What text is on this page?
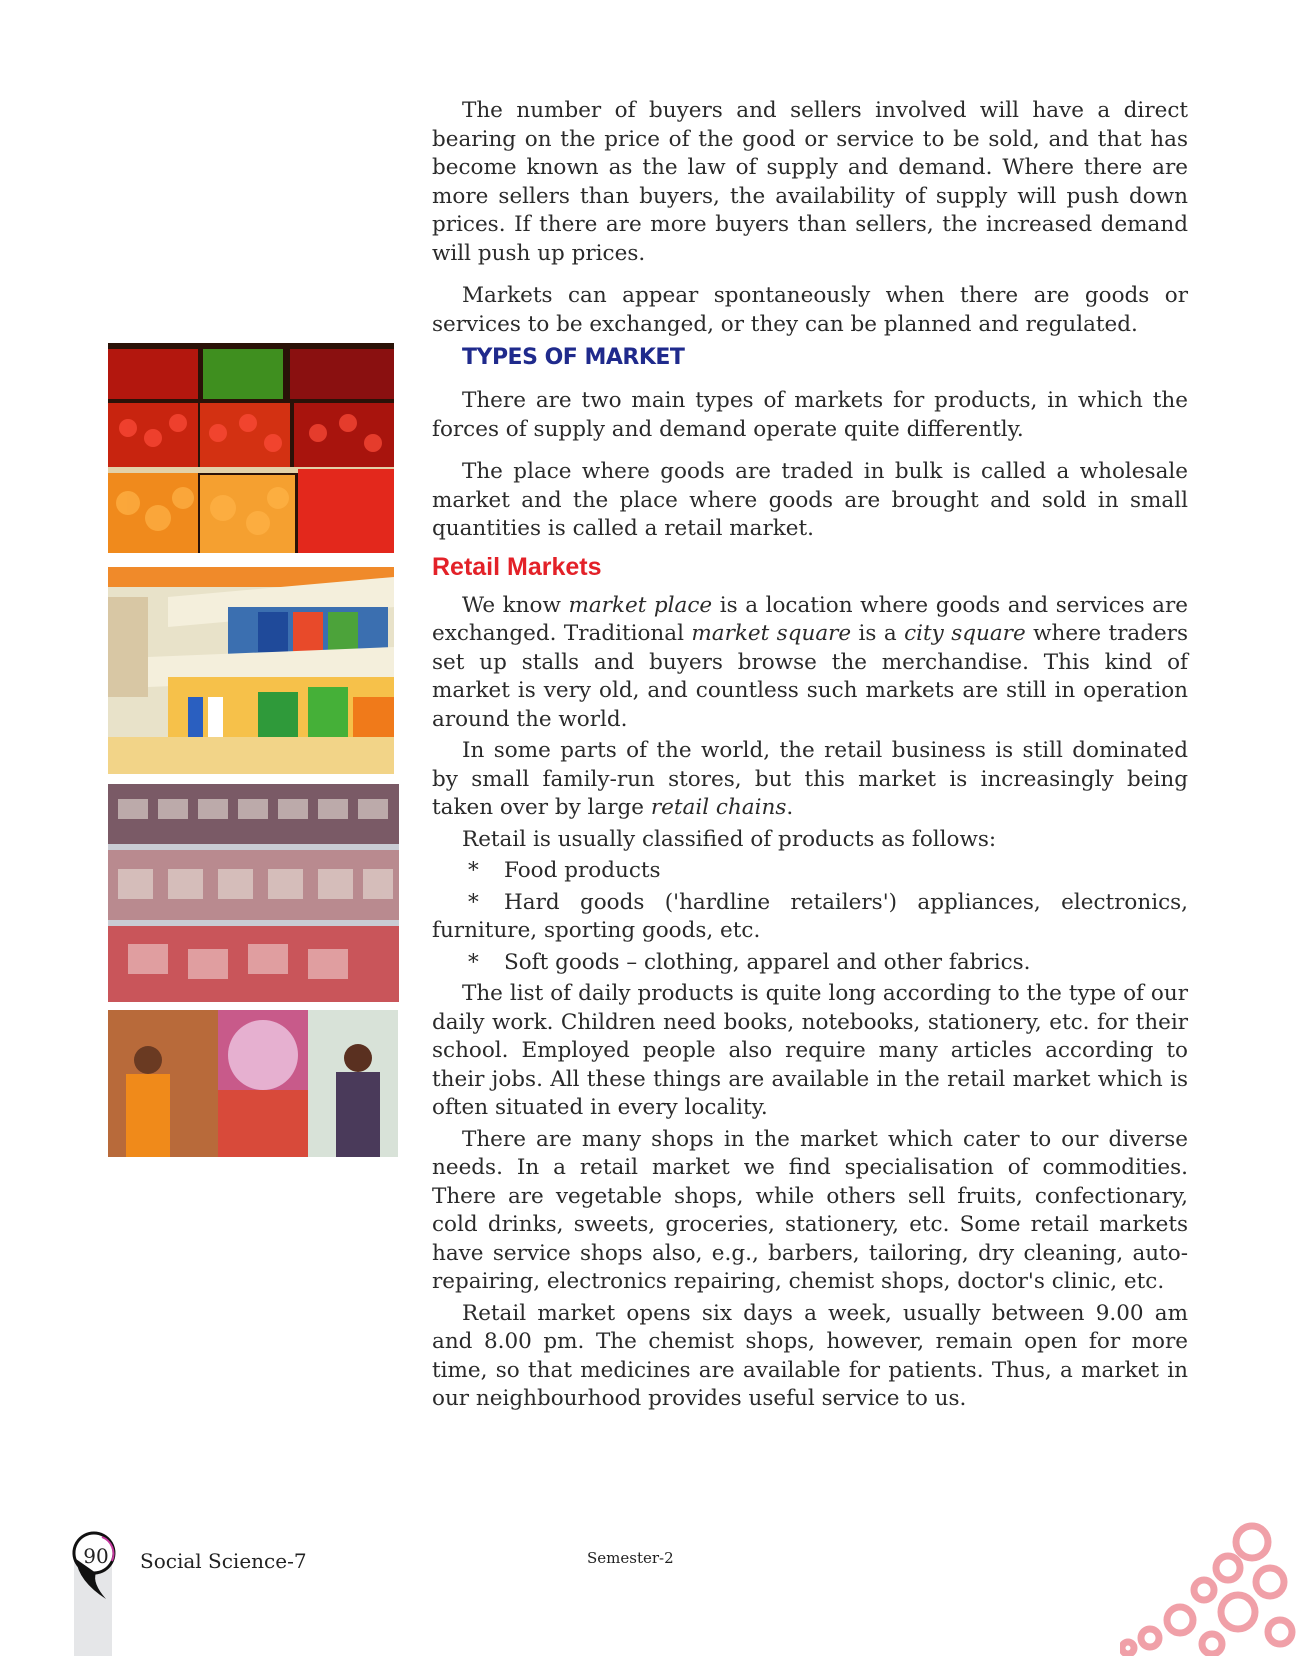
The number of buyers and sellers involved will have a direct bearing on the price of the good or service to be sold, and that has become known as the law of supply and demand. Where there are more sellers than buyers, the availability of supply will push down prices. If there are more buyers than sellers, the increased demand will push up prices.

Markets can appear spontaneously when there are goods or services to be exchanged, or they can be planned and regulated.

TYPES OF MARKET

There are two main types of markets for products, in which the forces of supply and demand operate quite differently.

The place where goods are traded in bulk is called a wholesale market and the place where goods are brought and sold in small quantities is called a retail market.

Retail Markets

We know market place is a location where goods and services are exchanged. Traditional market square is a city square where traders set up stalls and buyers browse the merchandise. This kind of market is very old, and countless such markets are still in operation around the world.

In some parts of the world, the retail business is still dominated by small family-run stores, but this market is increasingly being taken over by large retail chains.

Retail is usually classified of products as follows:

* Food products

* Hard goods ('hardline retailers') appliances, electronics, furniture, sporting goods, etc.

* Soft goods – clothing, apparel and other fabrics.

The list of daily products is quite long according to the type of our daily work. Children need books, notebooks, stationery, etc. for their school. Employed people also require many articles according to their jobs. All these things are available in the retail market which is often situated in every locality.

There are many shops in the market which cater to our diverse needs. In a retail market we find specialisation of commodities. There are vegetable shops, while others sell fruits, confectionary, cold drinks, sweets, groceries, stationery, etc. Some retail markets have service shops also, e.g., barbers, tailoring, dry cleaning, auto-repairing, electronics repairing, chemist shops, doctor's clinic, etc.

Retail market opens six days a week, usually between 9.00 am and 8.00 pm. The chemist shops, however, remain open for more time, so that medicines are available for patients. Thus, a market in our neighbourhood provides useful service to us.

90	Social Science-7	Semester-2
